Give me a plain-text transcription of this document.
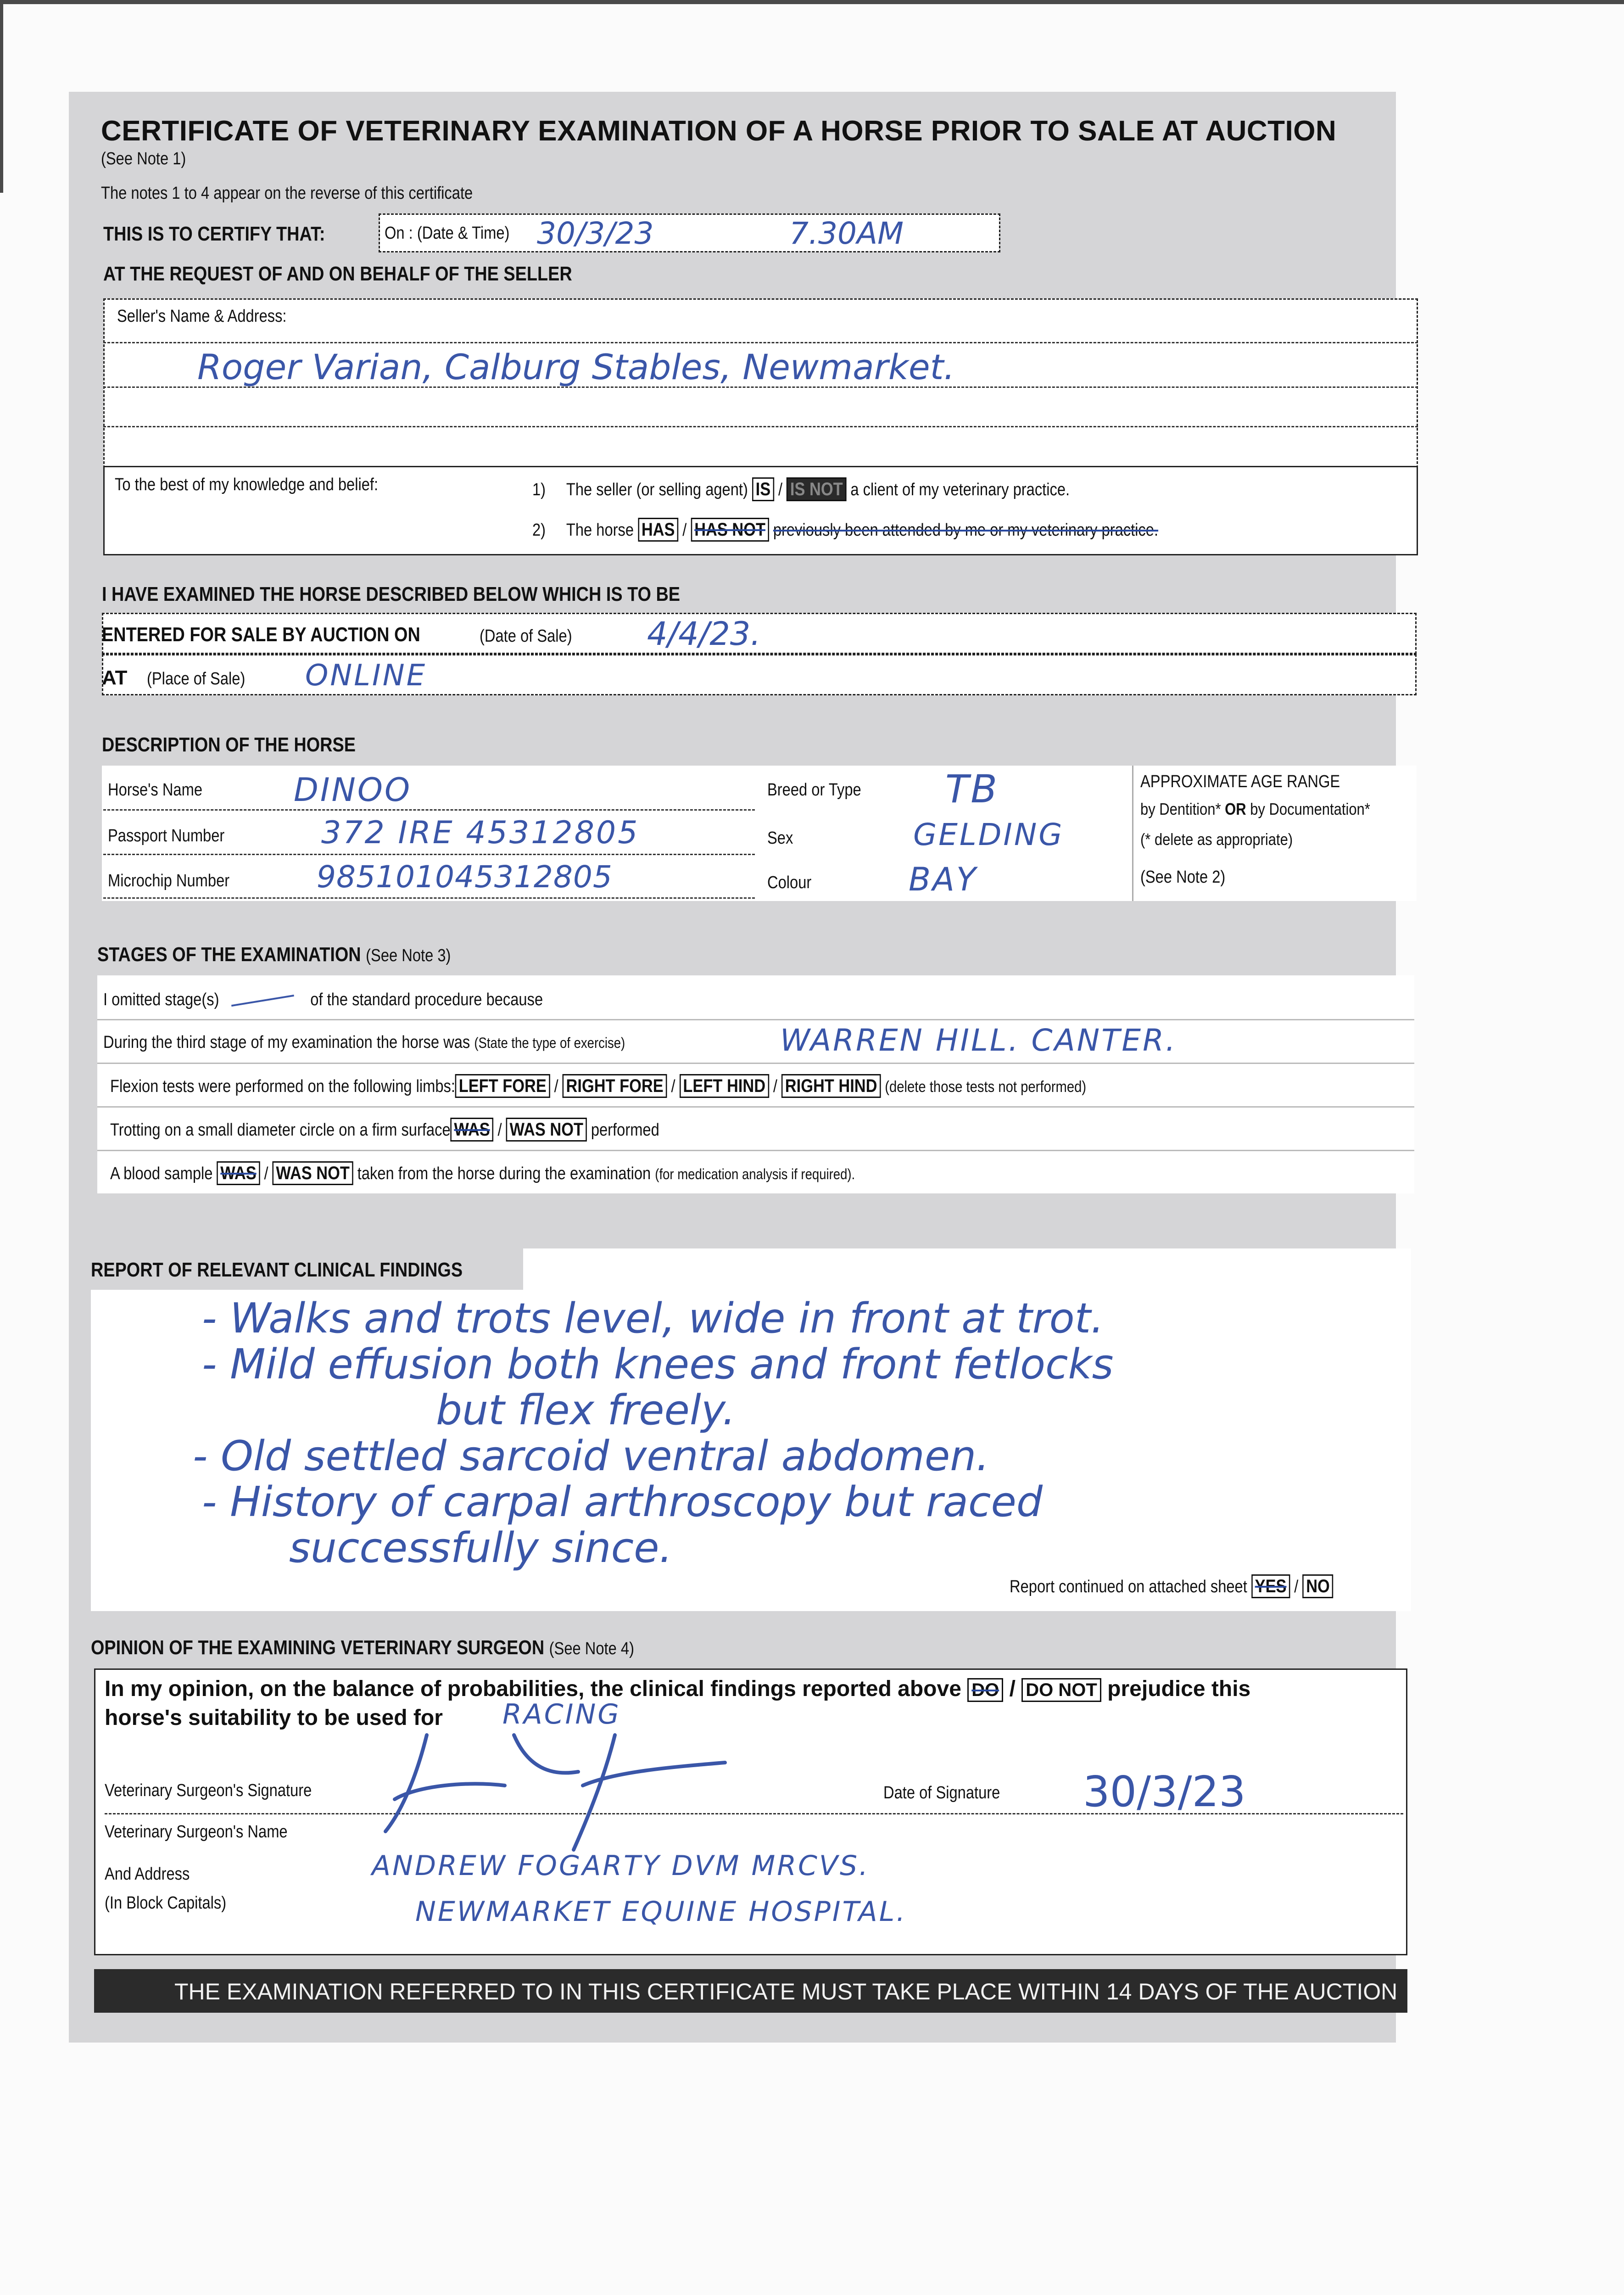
CERTIFICATE OF VETERINARY EXAMINATION OF A HORSE PRIOR TO SALE AT AUCTION
(See Note 1)
The notes 1 to 4 appear on the reverse of this certificate
THIS IS TO CERTIFY THAT:	On : (Date & Time) 30/3/23	7.30AM
AT THE REQUEST OF AND ON BEHALF OF THE SELLER
Seller's Name & Address:
Roger Varian, Calburg Stables, Newmarket.
To the best of my knowledge and belief:	1) The seller (or selling agent) IS / IS NOT a client of my veterinary practice.
2) The horse HAS / HAS NOT previously been attended by me or my veterinary practice.
I HAVE EXAMINED THE HORSE DESCRIBED BELOW WHICH IS TO BE
ENTERED FOR SALE BY AUCTION ON	(Date of Sale) 4/4/23.
AT (Place of Sale) ONLINE
DESCRIPTION OF THE HORSE
Horse's Name	DINOO
Passport Number	372 IRE 45312805
Microchip Number	985101045312805
Breed or Type TB
Sex	GELDING
Colour	BAY
APPROXIMATE AGE RANGE
by Dentition* OR by Documentation*
(* delete as appropriate)
(See Note 2)
STAGES OF THE EXAMINATION (See Note 3)
I omitted stage(s)	of the standard procedure because
During the third stage of my examination the horse was (State the type of exercise)	WARREN HILL. CANTER.
Flexion tests were performed on the following limbs: LEFT FORE / RIGHT FORE / LEFT HIND / RIGHT HIND (delete those tests not performed)
Trotting on a small diameter circle on a firm surface WAS / WAS NOT performed
A blood sample WAS / WAS NOT taken from the horse during the examination (for medication analysis if required).
REPORT OF RELEVANT CLINICAL FINDINGS
- Walks and trots level, wide in front at trot.
- Mild effusion both knees and front fetlocks
but flex freely.
- Old settled sarcoid ventral abdomen.
- History of carpal arthroscopy but raced
successfully since.
Report continued on attached sheet YES / NO
OPINION OF THE EXAMINING VETERINARY SURGEON (See Note 4)
In my opinion, on the balance of probabilities, the clinical findings reported above DO / DO NOT prejudice this
horse's suitability to be used for RACING
Veterinary Surgeon's Signature	Date of Signature 30/3/23
Veterinary Surgeon's Name
And Address
(In Block Capitals)
ANDREW FOGARTY DVM MRCVS.
NEWMARKET EQUINE HOSPITAL.
THE EXAMINATION REFERRED TO IN THIS CERTIFICATE MUST TAKE PLACE WITHIN 14 DAYS OF THE AUCTION
